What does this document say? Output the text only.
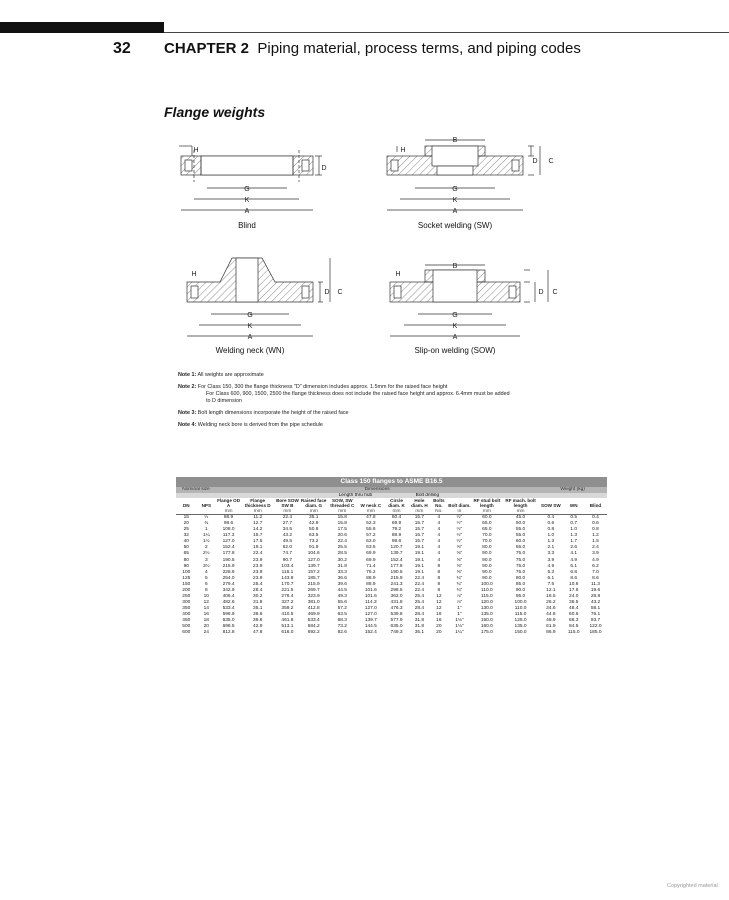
32 CHAPTER 2 Piping material, process terms, and piping codes
Flange weights
H
D
G
K
A
H
B
D C
G
K
A
H
D C
G
K
A
H
B
D C
G
K
A
Blind	Socket welding (SW)
Welding neck (WN)	Slip-on welding (SOW)

Note 1: All weights are approximate

Note 2: For Class 150, 300 the flange thickness "D" dimension includes approx. 1.5mm for the raised face height
For Class 600, 900, 1500, 2500 the flange thickness does not include the raised face height and approx. 6.4mm must be added
to D dimension

Note 3: Bolt length dimensions incorporate the height of the raised face

Note 4: Welding neck bore is derived from the pipe schedule

Class 150 flanges to ASME B16.5																
Nominal size		Dimensions												Weight (kg)		
						Length thru hub		Bolt drilling								
DN	NPS	Flange OD A	Flange thickness D	Bore SOW SW B	Raised face diam. G	SOW, SW threaded C	W neck C	Circle diam. K	Hole diam. H	Bolts No.	Bolt diam.	RF stud bolt length	RF mach. bolt length	SOW SW	WN	Blind
		mm	mm	mm	mm	mm	mm	mm	mm	No.	in	mm	mm			
15	½	88.9	11.2	22.4	35.1	15.8	47.8	60.4	15.7	4	½"	60.0	45.0	0.4	0.5	0.4
20	¾	98.6	12.7	27.7	42.9	15.8	52.3	69.9	15.7	4	½"	65.0	50.0	0.6	0.7	0.6
25	1	108.0	14.2	34.5	50.8	17.5	55.6	79.2	15.7	4	½"	65.0	55.0	0.8	1.0	0.8
32	1¼	117.3	15.7	43.2	63.5	20.6	57.2	88.9	15.7	4	½"	70.0	55.0	1.0	1.3	1.2
40	1½	127.0	17.5	49.5	73.2	22.4	62.0	98.6	15.7	4	½"	70.0	60.0	1.3	1.7	1.5
50	2	152.4	19.1	62.0	91.9	25.5	63.5	120.7	19.1	4	⅝"	80.0	65.0	2.1	2.6	2.4
65	2½	177.8	22.4	74.7	104.6	28.5	69.9	139.7	19.1	4	⅝"	90.0	75.0	3.3	4.1	3.9
80	3	190.5	23.9	90.7	127.0	30.2	69.9	152.4	19.1	4	⅝"	90.0	75.0	3.9	4.9	4.9
90	3½	215.9	23.9	103.4	139.7	31.8	71.4	177.8	19.1	8	⅝"	90.0	75.0	4.9	6.1	6.2
100	4	228.6	23.9	116.1	157.2	33.3	76.2	190.5	19.1	8	⅝"	90.0	75.0	5.3	6.8	7.0
125	5	254.0	23.9	143.8	185.7	36.6	88.9	215.9	22.4	8	¾"	90.0	80.0	6.1	8.6	8.6
150	6	279.4	25.4	170.7	215.9	39.6	88.9	241.3	22.4	8	¾"	100.0	85.0	7.5	10.6	11.3
200	8	342.9	28.4	221.5	269.7	44.5	101.6	298.5	22.4	8	¾"	110.0	90.0	12.1	17.6	19.6
250	10	406.4	30.2	276.4	323.9	49.3	101.6	362.0	25.4	12	⅞"	115.0	95.0	16.5	24.0	28.8
300	12	482.6	31.8	327.2	381.0	55.6	114.3	431.8	25.4	12	⅞"	120.0	100.0	26.2	36.5	43.2
350	14	533.4	35.1	359.2	412.8	57.2	127.0	476.3	28.4	12	1"	130.0	110.0	34.6	48.4	58.1
400	16	596.9	36.6	410.5	469.9	63.5	127.0	539.8	28.4	16	1"	135.0	115.0	44.8	60.6	76.1
450	18	635.0	39.6	461.8	533.4	68.3	139.7	577.9	31.8	16	1⅛"	150.0	125.0	48.9	68.3	93.7
500	20	698.5	42.9	513.1	584.2	73.2	144.5	635.0	31.8	20	1⅛"	160.0	135.0	61.9	84.5	122.0
600	24	812.8	47.8	616.0	692.2	82.6	152.4	749.3	35.1	20	1¼"	175.0	150.0	86.9	115.0	185.0
Copyrighted material
